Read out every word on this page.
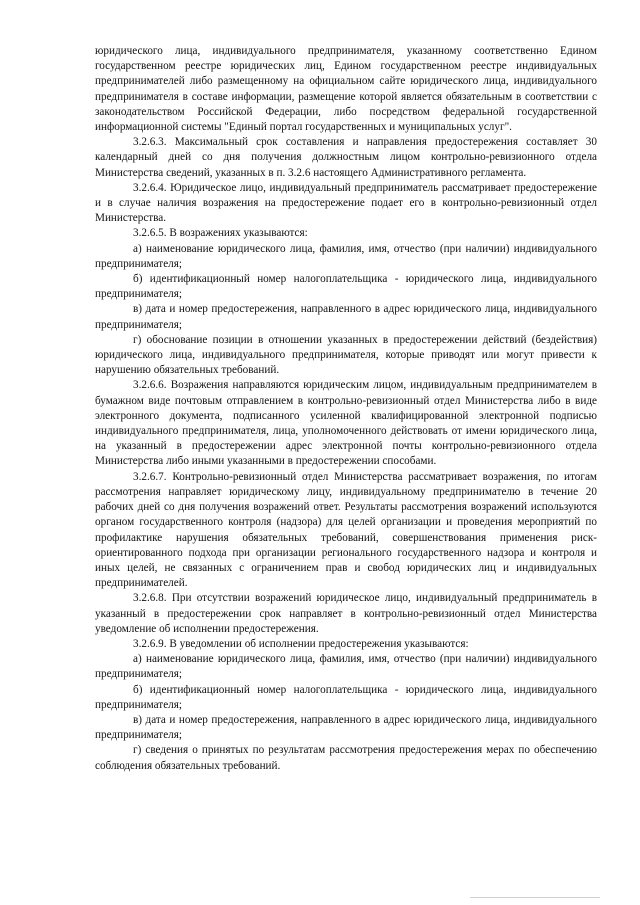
юридического лица, индивидуального предпринимателя, указанному соответственно Едином государственном реестре юридических лиц, Едином государственном реестре индивидуальных предпринимателей либо размещенному на официальном сайте юридического лица, индивидуального предпринимателя в составе информации, размещение которой является обязательным в соответствии с законодательством Российской Федерации, либо посредством федеральной государственной информационной системы "Единый портал государственных и муниципальных услуг".

3.2.6.3. Максимальный срок составления и направления предостережения составляет 30 календарный дней со дня получения должностным лицом контрольно-ревизионного отдела Министерства сведений, указанных в п. 3.2.6 настоящего Административного регламента.

3.2.6.4. Юридическое лицо, индивидуальный предприниматель рассматривает предостережение и в случае наличия возражения на предостережение подает его в контрольно-ревизионный отдел Министерства.

3.2.6.5. В возражениях указываются:

а) наименование юридического лица, фамилия, имя, отчество (при наличии) индивидуального предпринимателя;

б) идентификационный номер налогоплательщика - юридического лица, индивидуального предпринимателя;

в) дата и номер предостережения, направленного в адрес юридического лица, индивидуального предпринимателя;

г) обоснование позиции в отношении указанных в предостережении действий (бездействия) юридического лица, индивидуального предпринимателя, которые приводят или могут привести к нарушению обязательных требований.

3.2.6.6. Возражения направляются юридическим лицом, индивидуальным предпринимателем в бумажном виде почтовым отправлением в контрольно-ревизионный отдел Министерства либо в виде электронного документа, подписанного усиленной квалифицированной электронной подписью индивидуального предпринимателя, лица, уполномоченного действовать от имени юридического лица, на указанный в предостережении адрес электронной почты контрольно-ревизионного отдела Министерства либо иными указанными в предостережении способами.

3.2.6.7. Контрольно-ревизионный отдел Министерства рассматривает возражения, по итогам рассмотрения направляет юридическому лицу, индивидуальному предпринимателю в течение 20 рабочих дней со дня получения возражений ответ. Результаты рассмотрения возражений используются органом государственного контроля (надзора) для целей организации и проведения мероприятий по профилактике нарушения обязательных требований, совершенствования применения риск-ориентированного подхода при организации регионального государственного надзора и контроля и иных целей, не связанных с ограничением прав и свобод юридических лиц и индивидуальных предпринимателей.

3.2.6.8. При отсутствии возражений юридическое лицо, индивидуальный предприниматель в указанный в предостережении срок направляет в контрольно-ревизионный отдел Министерства уведомление об исполнении предостережения.

3.2.6.9. В уведомлении об исполнении предостережения указываются:

а) наименование юридического лица, фамилия, имя, отчество (при наличии) индивидуального предпринимателя;

б) идентификационный номер налогоплательщика - юридического лица, индивидуального предпринимателя;

в) дата и номер предостережения, направленного в адрес юридического лица, индивидуального предпринимателя;

г) сведения о принятых по результатам рассмотрения предостережения мерах по обеспечению соблюдения обязательных требований.
